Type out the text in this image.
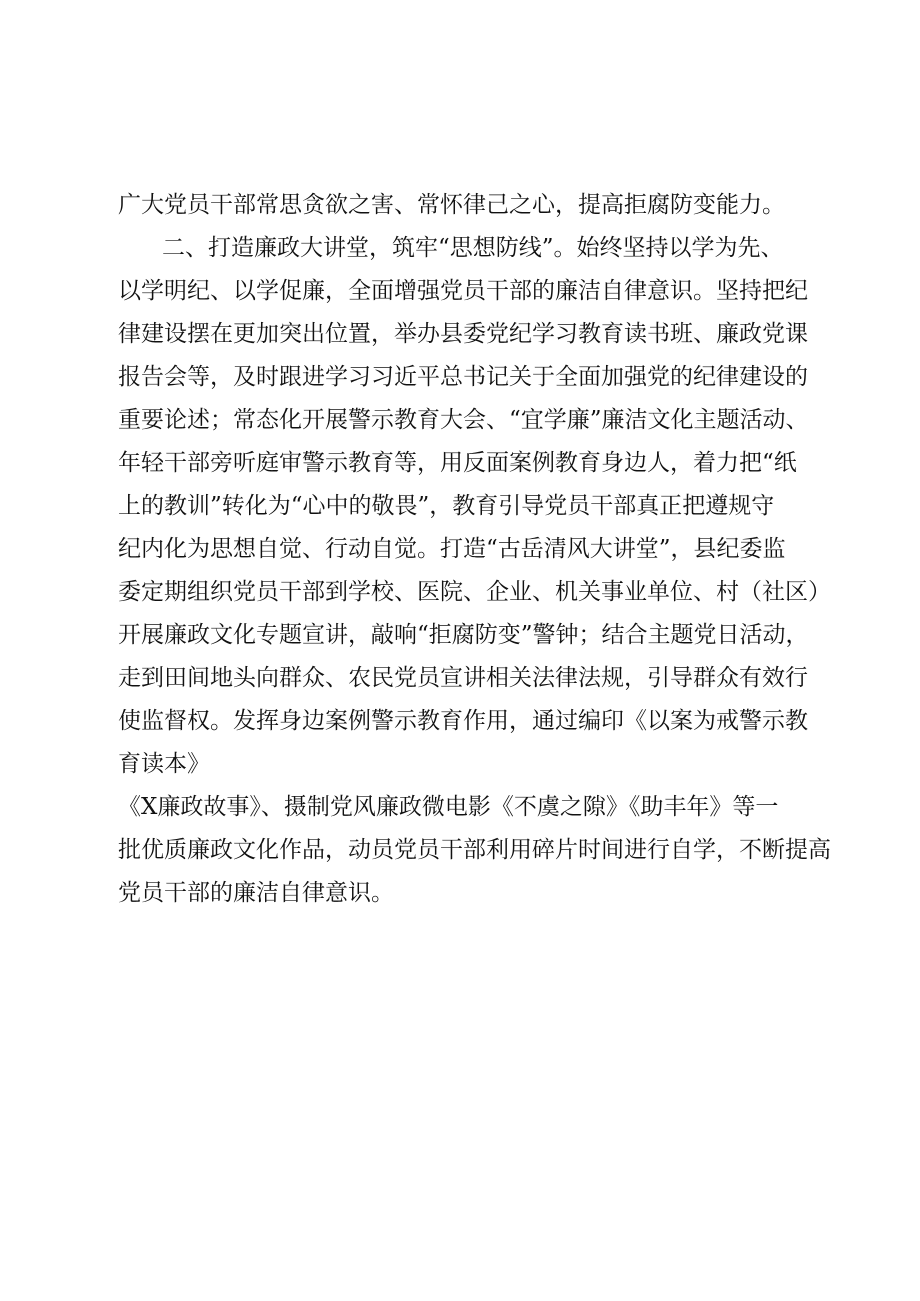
广大党员干部常思贪欲之害、常怀律己之心，提高拒腐防变能力。
二、打造廉政大讲堂，筑牢“思想防线”。始终坚持以学为先、
以学明纪、以学促廉，全面增强党员干部的廉洁自律意识。坚持把纪
律建设摆在更加突出位置，举办县委党纪学习教育读书班、廉政党课
报告会等，及时跟进学习习近平总书记关于全面加强党的纪律建设的
重要论述；常态化开展警示教育大会、“宜学廉”廉洁文化主题活动、
年轻干部旁听庭审警示教育等，用反面案例教育身边人，着力把“纸
上的教训”转化为“心中的敬畏”，教育引导党员干部真正把遵规守
纪内化为思想自觉、行动自觉。打造“古岳清风大讲堂”，县纪委监
委定期组织党员干部到学校、医院、企业、机关事业单位、村（社区）
开展廉政文化专题宣讲，敲响“拒腐防变”警钟；结合主题党日活动，
走到田间地头向群众、农民党员宣讲相关法律法规，引导群众有效行
使监督权。发挥身边案例警示教育作用，通过编印《以案为戒警示教
育读本》
《X廉政故事》、摄制党风廉政微电影《不虞之隙》《助丰年》等一
批优质廉政文化作品，动员党员干部利用碎片时间进行自学，不断提高
党员干部的廉洁自律意识。
